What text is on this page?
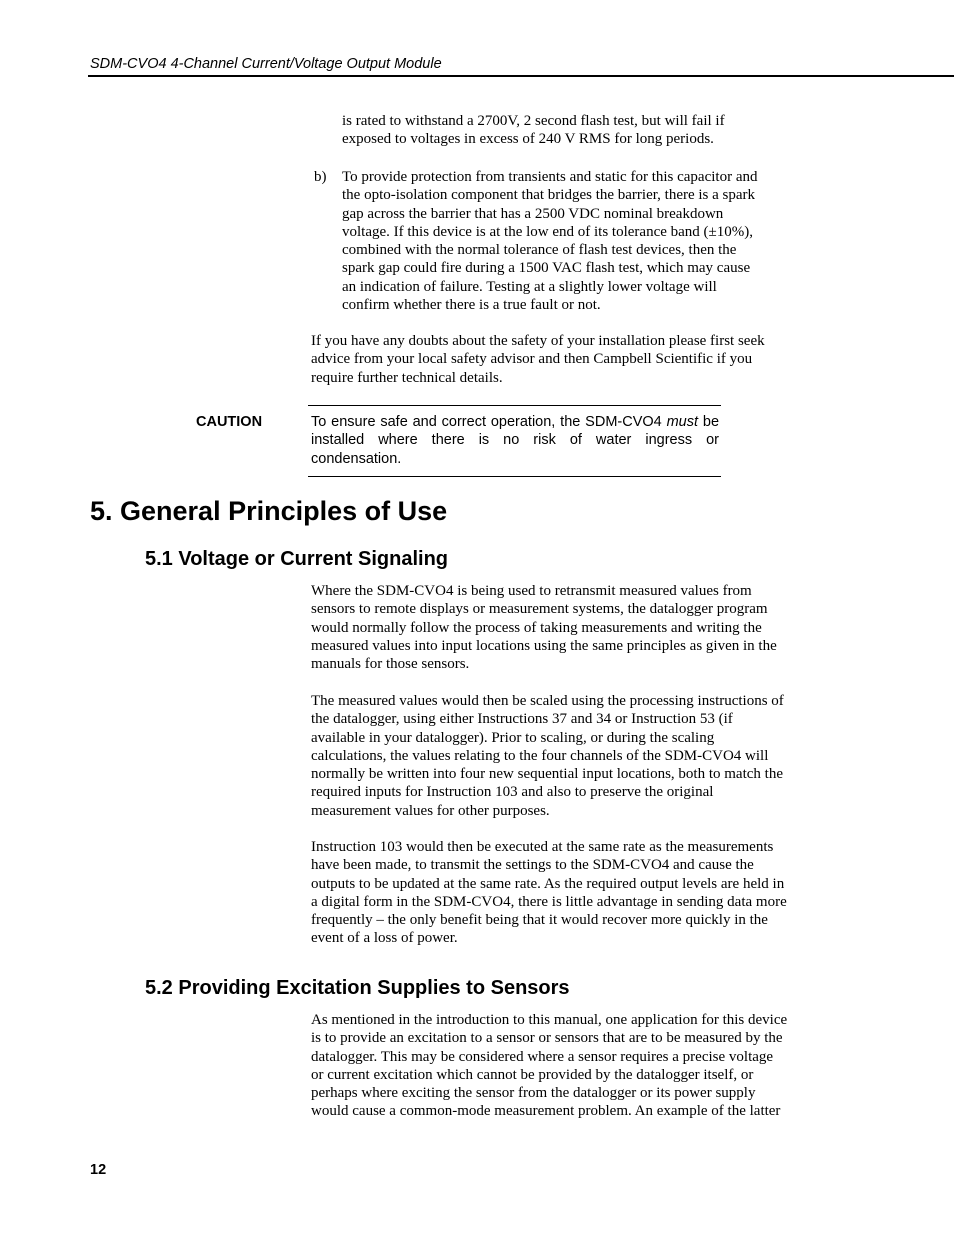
SDM-CVO4 4-Channel Current/Voltage Output Module
is rated to withstand a 2700V, 2 second flash test, but will fail if
exposed to voltages in excess of 240 V RMS for long periods.
b) To provide protection from transients and static for this capacitor and
the opto-isolation component that bridges the barrier, there is a spark
gap across the barrier that has a 2500 VDC nominal breakdown
voltage. If this device is at the low end of its tolerance band (±10%),
combined with the normal tolerance of flash test devices, then the
spark gap could fire during a 1500 VAC flash test, which may cause
an indication of failure. Testing at a slightly lower voltage will
confirm whether there is a true fault or not.
If you have any doubts about the safety of your installation please first seek
advice from your local safety advisor and then Campbell Scientific if you
require further technical details.
CAUTION	To ensure safe and correct operation, the SDM-CVO4 must be installed where there is no risk of water ingress or condensation.
5. General Principles of Use
5.1 Voltage or Current Signaling
Where the SDM-CVO4 is being used to retransmit measured values from
sensors to remote displays or measurement systems, the datalogger program
would normally follow the process of taking measurements and writing the
measured values into input locations using the same principles as given in the
manuals for those sensors.
The measured values would then be scaled using the processing instructions of
the datalogger, using either Instructions 37 and 34 or Instruction 53 (if
available in your datalogger). Prior to scaling, or during the scaling
calculations, the values relating to the four channels of the SDM-CVO4 will
normally be written into four new sequential input locations, both to match the
required inputs for Instruction 103 and also to preserve the original
measurement values for other purposes.
Instruction 103 would then be executed at the same rate as the measurements
have been made, to transmit the settings to the SDM-CVO4 and cause the
outputs to be updated at the same rate. As the required output levels are held in
a digital form in the SDM-CVO4, there is little advantage in sending data more
frequently – the only benefit being that it would recover more quickly in the
event of a loss of power.
5.2 Providing Excitation Supplies to Sensors
As mentioned in the introduction to this manual, one application for this device
is to provide an excitation to a sensor or sensors that are to be measured by the
datalogger. This may be considered where a sensor requires a precise voltage
or current excitation which cannot be provided by the datalogger itself, or
perhaps where exciting the sensor from the datalogger or its power supply
would cause a common-mode measurement problem. An example of the latter
12
